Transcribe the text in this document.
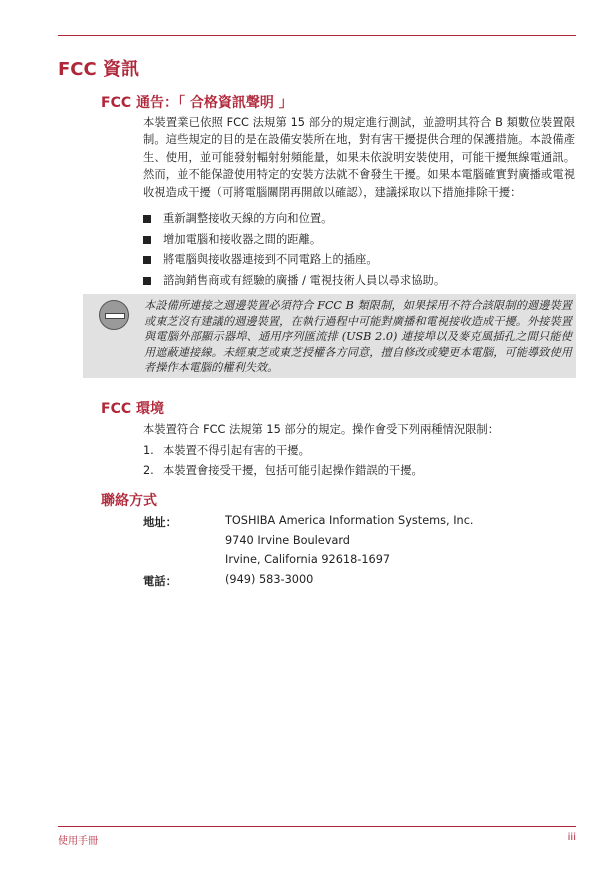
FCC 資訊
FCC 通告：「 合格資訊聲明 」
本裝置業已依照 FCC 法規第 15 部分的規定進行測試，並證明其符合 B 類數位裝置限制。這些規定的目的是在設備安裝所在地，對有害干擾提供合理的保護措施。本設備產生、使用，並可能發射輻射射頻能量，如果未依說明安裝使用，可能干擾無線電通訊。然而，並不能保證使用特定的安裝方法就不會發生干擾。如果本電腦確實對廣播或電視收視造成干擾（可將電腦關閉再開啟以確認），建議採取以下措施排除干擾：
重新調整接收天線的方向和位置。
增加電腦和接收器之間的距離。
將電腦與接收器連接到不同電路上的插座。
諮詢銷售商或有經驗的廣播 / 電視技術人員以尋求協助。
本設備所連接之週邊裝置必須符合 FCC B 類限制，如果採用不符合該限制的週邊裝置或東芝沒有建議的週邊裝置，在執行過程中可能對廣播和電視接收造成干擾。外接裝置與電腦外部顯示器埠、通用序列匯流排 (USB 2.0) 連接埠以及麥克風插孔之間只能使用遮蔽連接線。未經東芝或東芝授權各方同意，擅自修改或變更本電腦，可能導致使用者操作本電腦的權利失效。
FCC 環境
本裝置符合 FCC 法規第 15 部分的規定。操作會受下列兩種情況限制：
1. 本裝置不得引起有害的干擾。
2. 本裝置會接受干擾，包括可能引起操作錯誤的干擾。
聯絡方式
地址：	TOSHIBA America Information Systems, Inc.
9740 Irvine Boulevard
Irvine, California 92618-1697
電話：	(949) 583-3000
使用手冊	iii
